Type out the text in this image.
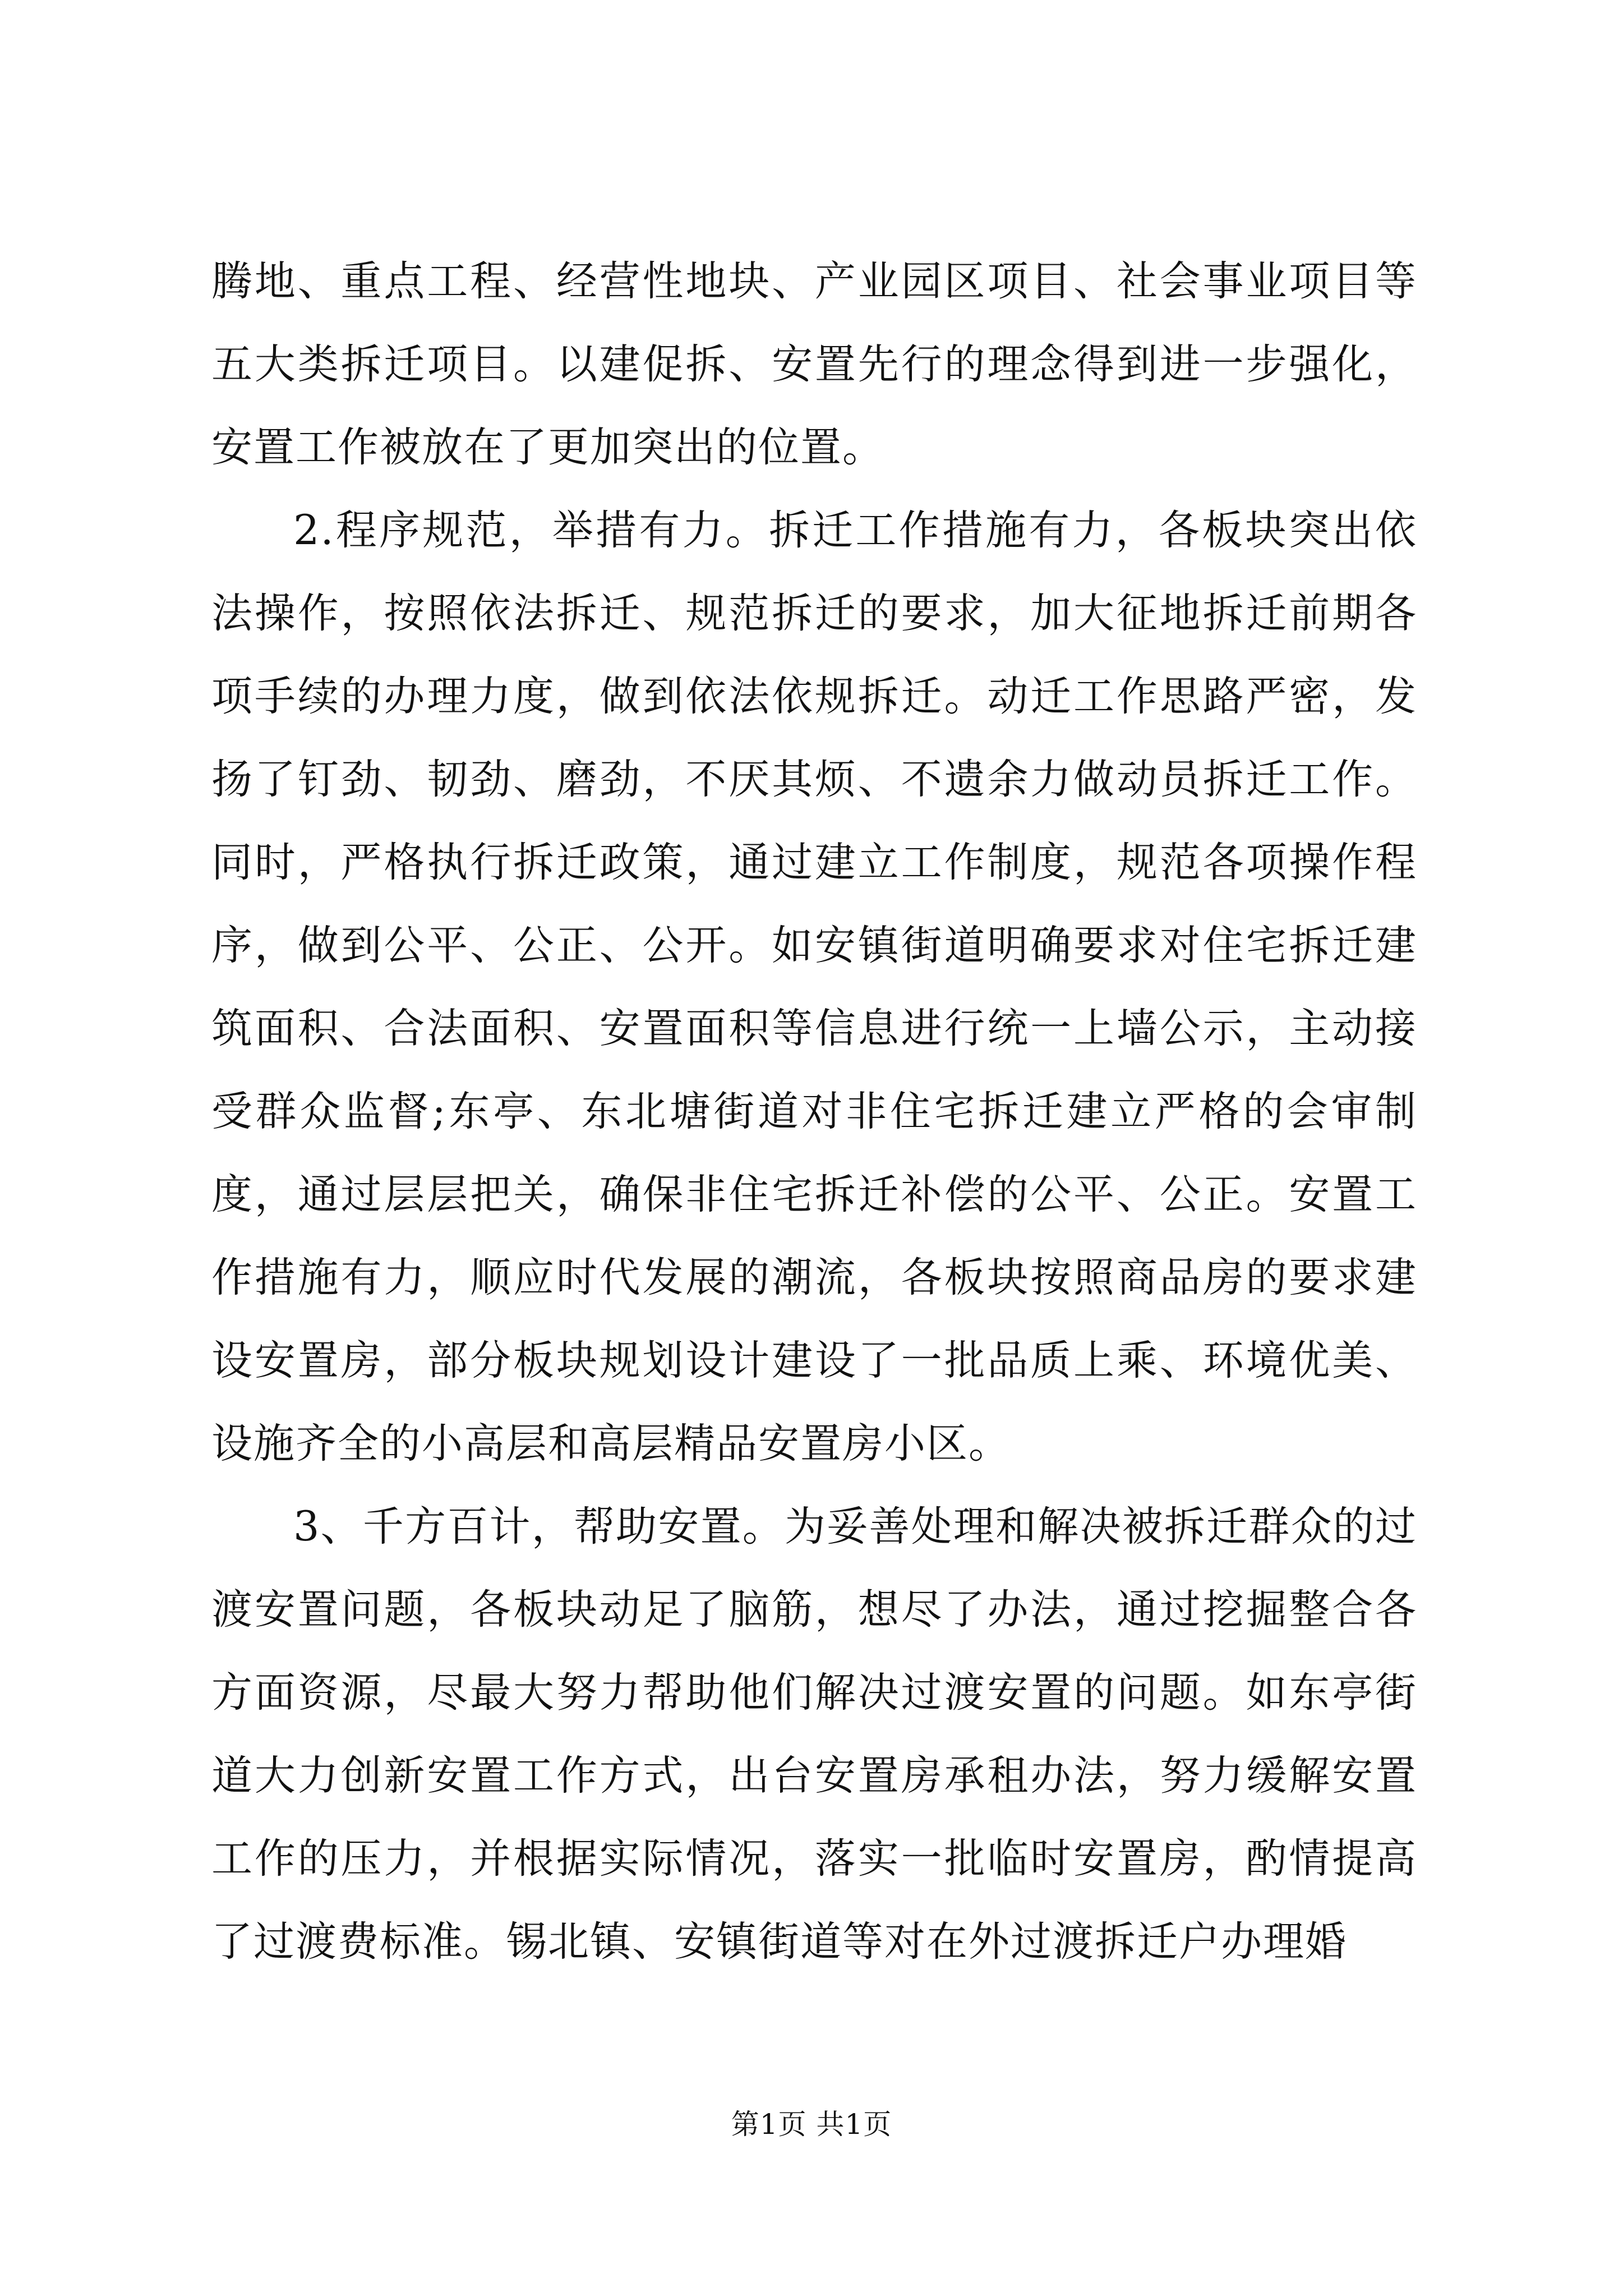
腾地、重点工程、经营性地块、产业园区项目、社会事业项目等五大类拆迁项目。以建促拆、安置先行的理念得到进一步强化，安置工作被放在了更加突出的位置。

2.程序规范，举措有力。拆迁工作措施有力，各板块突出依法操作，按照依法拆迁、规范拆迁的要求，加大征地拆迁前期各项手续的办理力度，做到依法依规拆迁。动迁工作思路严密，发扬了钉劲、韧劲、磨劲，不厌其烦、不遗余力做动员拆迁工作。同时，严格执行拆迁政策，通过建立工作制度，规范各项操作程序，做到公平、公正、公开。如安镇街道明确要求对住宅拆迁建筑面积、合法面积、安置面积等信息进行统一上墙公示，主动接受群众监督;东亭、东北塘街道对非住宅拆迁建立严格的会审制度，通过层层把关，确保非住宅拆迁补偿的公平、公正。安置工作措施有力，顺应时代发展的潮流，各板块按照商品房的要求建设安置房，部分板块规划设计建设了一批品质上乘、环境优美、设施齐全的小高层和高层精品安置房小区。

3、千方百计，帮助安置。为妥善处理和解决被拆迁群众的过渡安置问题，各板块动足了脑筋，想尽了办法，通过挖掘整合各方面资源，尽最大努力帮助他们解决过渡安置的问题。如东亭街道大力创新安置工作方式，出台安置房承租办法，努力缓解安置工作的压力，并根据实际情况，落实一批临时安置房，酌情提高了过渡费标准。锡北镇、安镇街道等对在外过渡拆迁户办理婚

第1页 共1页
